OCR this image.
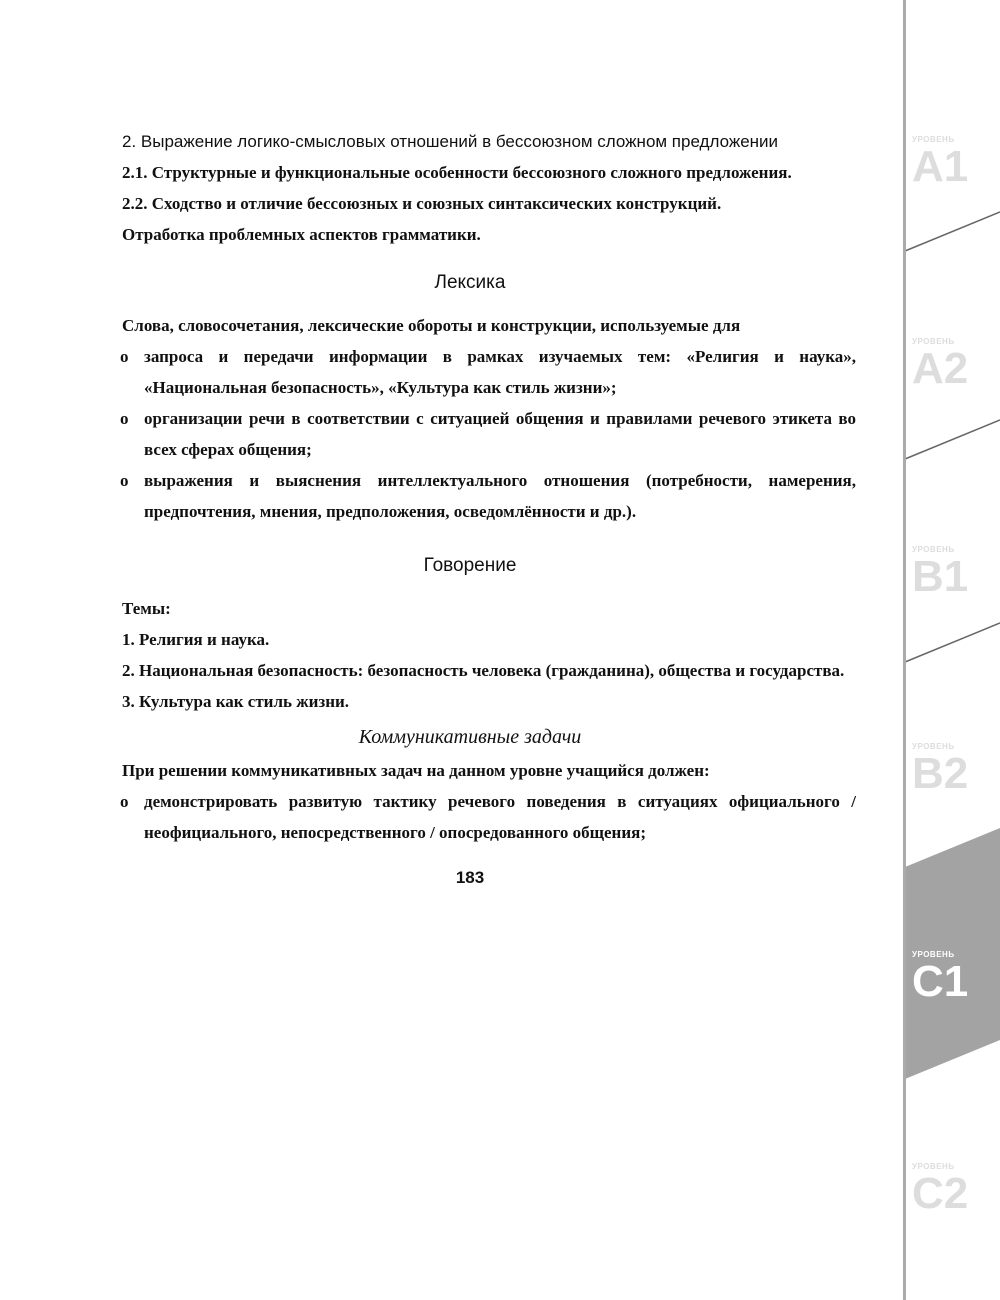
2. Выражение логико-смысловых отношений в бессоюзном сложном предложении

2.1. Структурные и функциональные особенности бессоюзного сложного предложения.

2.2. Сходство и отличие бессоюзных и союзных синтаксических конструкций.

Отработка проблемных аспектов грамматики.

Лексика

Слова, словосочетания, лексические обороты и конструкции, используемые для

o запроса и передачи информации в рамках изучаемых тем: «Религия и наука», «Национальная безопасность», «Культура как стиль жизни»;
o организации речи в соответствии с ситуацией общения и правилами речевого этикета во всех сферах общения;
o выражения и выяснения интеллектуального отношения (потребности, намерения, предпочтения, мнения, предположения, осведомлённости и др.).
Говорение

Темы:

1. Религия и наука.

2. Национальная безопасность: безопасность человека (гражданина), общества и государства.

3. Культура как стиль жизни.

Коммуникативные задачи

При решении коммуникативных задач на данном уровне учащийся должен:

o демонстрировать развитую тактику речевого поведения в ситуациях официального / неофициального, непосредственного / опосредованного общения;
183
УРОВЕНЬ
A1
УРОВЕНЬ
A2
УРОВЕНЬ
B1
УРОВЕНЬ
B2
УРОВЕНЬ
C1
УРОВЕНЬ
C2
